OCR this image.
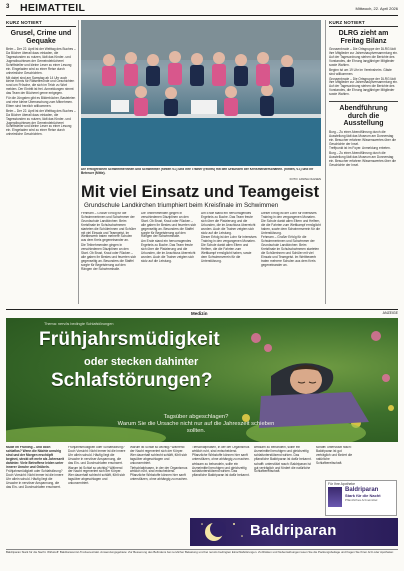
3 HEIMATTEIL	Mittwoch, 22. April 2026
KURZ NOTIERT
Grusel, Crime und Gequake

Beim – Der 22. April ist der Welttag des Buches – Da Bücher überall dazu einladen, die Tagesstunden zu nutzen, lädt das Kinder- und Jugendbuchteam der Gemeindebücherei Schriftsteller und kleine Leser zu einer Lesung ein. Eingeladen wird zu einer Reise durch unheimliche Geschichten.

Mit dabei sind am Samstag ab 14 Uhr auch kleine Krimis für Rätselfreunde und Geschichten rund um Frösche, die sich im Teich zu Wort melden. Der Eintritt ist frei. Anmeldungen nimmt das Team der Bücherei gerne entgegen.

Für die Jüngsten gibt es Bilderbücher, Basteleien und eine kleine Überraschung zum Mitnehmen. Eltern sind herzlich willkommen.

Beim – Der 22. April ist der Welttag des Buches – Da Bücher überall dazu einladen, die Tagesstunden zu nutzen, lädt das Kinder- und Jugendbuchteam der Gemeindebücherei Schriftsteller und kleine Leser zu einer Lesung ein. Eingeladen wird zu einer Reise durch unheimliche Geschichten.

Die erfolgreichen Schwimmerinnen und Schwimmer (hinten v.l.) und ihre Trainer (rechts) mit den Urkunden der Kreismeisterschaften. (hinten, v.l.) und ihr Betreuer (Mitte).
FOTO: JANINA OHLSEN
Mit viel Einsatz und Teamgeist
Grundschule Landkirchen triumphiert beim Kreisfinale im Schwimmen

Fehmarn – Großer Erfolg für die Schwimmerinnen und Schwimmer der Grundschule Landkirchen: Beim Kreisfinale im Schulschwimmen starteten die Schülerinnen und Schüler mit viel Einsatz und Teamgeist. Im Wettbewerb traten mehrere Schulen aus dem Kreis gegeneinander an.

Die Teilnehmenden gingen in verschiedenen Disziplinen an den Start. Ob Brust, Kraul oder Rücken – alle gaben ihr Bestes und feuerten sich gegenseitig an. Besonders die Staffel sorgte für Begeisterung auf den Rängen der Schwimmhalle.

Die Teilnehmenden gingen in verschiedenen Disziplinen an den Start. Ob Brust, Kraul oder Rücken – alle gaben ihr Bestes und feuerten sich gegenseitig an. Besonders die Staffel sorgte für Begeisterung auf den Rängen der Schwimmhalle.

Am Ende stand ein hervorragendes Ergebnis zu Buche. Das Team freute sich über die Platzierung und die Urkunden, die im Anschluss überreicht wurden. Auch die Trainer zeigten sich stolz auf die Leistung.

Am Ende stand ein hervorragendes Ergebnis zu Buche. Das Team freute sich über die Platzierung und die Urkunden, die im Anschluss überreicht wurden. Auch die Trainer zeigten sich stolz auf die Leistung.

Dieser Erfolg ist der Lohn für intensives Training in den vergangenen Monaten. Die Schule dankt allen Eltern und Helfern, die die Fahrten zum Wettkampf ermöglicht haben, sowie dem Schwimmverein für die Unterstützung.

Dieser Erfolg ist der Lohn für intensives Training in den vergangenen Monaten. Die Schule dankt allen Eltern und Helfern, die die Fahrten zum Wettkampf ermöglicht haben, sowie dem Schwimmverein für die Unterstützung.

Fehmarn – Großer Erfolg für die Schwimmerinnen und Schwimmer der Grundschule Landkirchen: Beim Kreisfinale im Schulschwimmen starteten die Schülerinnen und Schüler mit viel Einsatz und Teamgeist. Im Wettbewerb traten mehrere Schulen aus dem Kreis gegeneinander an.

KURZ NOTIERT
DLRG zieht am Freitag Bilanz

Grossenbrode – Die Ortsgruppe der DLRG lädt ihre Mitglieder zur Jahreshauptversammlung ein. Auf der Tagesordnung stehen die Berichte des Vorstandes, die Ehrung langjähriger Mitglieder sowie Wahlen.

Beginn ist um 19 Uhr im Vereinsheim. Gäste sind willkommen.

Grossenbrode – Die Ortsgruppe der DLRG lädt ihre Mitglieder zur Jahreshauptversammlung ein. Auf der Tagesordnung stehen die Berichte des Vorstandes, die Ehrung langjähriger Mitglieder sowie Wahlen.

Abendführung durch die Ausstellung

Burg – Zu einer Abendführung durch die Ausstellung lädt das Museum am Donnerstag ein. Besucher erfahren Wissenswertes über die Geschichte der Insel.

Treffpunkt ist im Foyer. Anmeldung erbeten.

Burg – Zu einer Abendführung durch die Ausstellung lädt das Museum am Donnerstag ein. Besucher erfahren Wissenswertes über die Geschichte der Insel.

Medizin	ANZEIGE
Thema: nervös bedingte Schlafstörungen
Frühjahrsmüdigkeit
oder stecken dahinter
Schlafstörungen?
Tagsüber abgeschlagen?
Warum Sie die Ursache nicht nur auf die Jahreszeit schieben sollten.

Müde im Frühling – und doch schlaflos? Wenn die Nächte unruhig sind und der Morgen erschöpft beginnt, steckt oft mehr als Jahreszeit dahinter. Viele Betroffene leiden unter innerer Unruhe und Grübeln.

Frühjahrsmüdigkeit oder Schlafstörung? Doch Vorsicht: Nicht immer ist die innere Uhr allein schuld. Häufig liegt die Ursache in nervöser Anspannung, die das Ein- und Durchschlafen erschwert.

Frühjahrsmüdigkeit oder Schlafstörung? Doch Vorsicht: Nicht immer ist die innere Uhr allein schuld. Häufig liegt die Ursache in nervöser Anspannung, die das Ein- und Durchschlafen erschwert.

Warum ist Schlaf so wichtig? Während der Nacht regeneriert sich der Körper. Wer dauerhaft schlecht schläft, fühlt sich tagsüber abgeschlagen und unkonzentriert.

Warum ist Schlaf so wichtig? Während der Nacht regeneriert sich der Körper. Wer dauerhaft schlecht schläft, fühlt sich tagsüber abgeschlagen und unkonzentriert.

Tiefschlafphasen, in der der Organismus wirklich ruht, sind entscheidend. Pflanzliche Wirkstoffe können hier sanft unterstützen, ohne abhängig zu machen.

Tiefschlafphasen, in der der Organismus wirklich ruht, sind entscheidend. Pflanzliche Wirkstoffe können hier sanft unterstützen, ohne abhängig zu machen.

wirksam zu behandeln, sollte ein Arzneimittel beruhigen und gleichzeitig schlafunterstützend wirken. Das pflanzliche Baldriparan ist dafür bekannt.

wirksam zu behandeln, sollte ein Arzneimittel beruhigen und gleichzeitig schlafunterstützend wirken. Das pflanzliche Baldriparan ist dafür bekannt.

schafft: unterstützt rasch: Baldriparan ist gut verträglich und fördert die natürliche Schlafbereitschaft.

schafft: unterstützt rasch: Baldriparan ist gut verträglich und fördert die natürliche Schlafbereitschaft.

Für Ihre Apotheke
Baldriparan
Stark für die Nacht
Pflanzliches Arzneimittel
Baldriparan
Baldriparan Stark für die Nacht. Wirkstoff: Baldrianwurzel-Trockenextrakt. Anwendungsgebiete: Zur Besserung des Befindens bei nervlicher Belastung und bei nervös bedingten Einschlafstörungen. Zu Risiken und Nebenwirkungen lesen Sie die Packungsbeilage und fragen Sie Ihren Arzt oder Apotheker.
